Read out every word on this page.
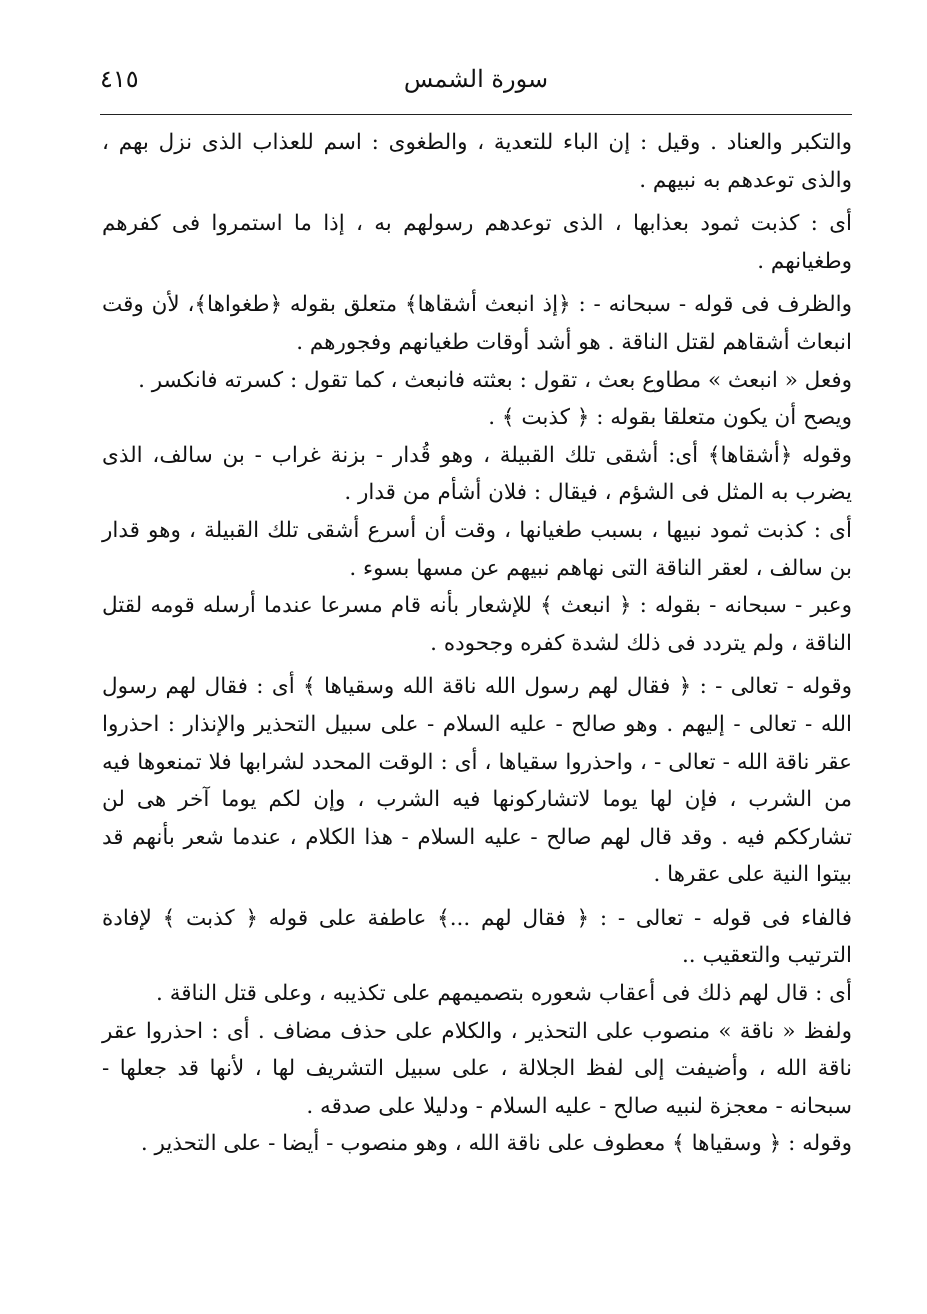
٤١٥	سورة الشمس

والتكبر والعناد . وقيل : إن الباء للتعدية ، والطغوى : اسم للعذاب الذى نزل بهم ، والذى توعدهم به نبيهم .

أى : كذبت ثمود بعذابها ، الذى توعدهم رسولهم به ، إذا ما استمروا فى كفرهم وطغيانهم .

والظرف فى قوله - سبحانه - : ﴿إذ انبعث أشقاها﴾ متعلق بقوله ﴿طغواها﴾، لأن وقت انبعاث أشقاهم لقتل الناقة . هو أشد أوقات طغيانهم وفجورهم .

وفعل « انبعث » مطاوع بعث ، تقول : بعثته فانبعث ، كما تقول : كسرته فانكسر .

ويصح أن يكون متعلقا بقوله : ﴿ كذبت ﴾ .

وقوله ﴿أشقاها﴾ أى: أشقى تلك القبيلة ، وهو قُدار - بزنة غراب - بن سالف، الذى يضرب به المثل فى الشؤم ، فيقال : فلان أشأم من قدار .

أى : كذبت ثمود نبيها ، بسبب طغيانها ، وقت أن أسرع أشقى تلك القبيلة ، وهو قدار بن سالف ، لعقر الناقة التى نهاهم نبيهم عن مسها بسوء .

وعبر - سبحانه - بقوله : ﴿ انبعث ﴾ للإشعار بأنه قام مسرعا عندما أرسله قومه لقتل الناقة ، ولم يتردد فى ذلك لشدة كفره وجحوده .

وقوله - تعالى - : ﴿ فقال لهم رسول الله ناقة الله وسقياها ﴾ أى : فقال لهم رسول الله - تعالى - إليهم . وهو صالح - عليه السلام - على سبيل التحذير والإنذار : احذروا عقر ناقة الله - تعالى - ، واحذروا سقياها ، أى : الوقت المحدد لشرابها فلا تمنعوها فيه من الشرب ، فإن لها يوما لاتشاركونها فيه الشرب ، وإن لكم يوما آخر هى لن تشارككم فيه . وقد قال لهم صالح - عليه السلام - هذا الكلام ، عندما شعر بأنهم قد بيتوا النية على عقرها .

فالفاء فى قوله - تعالى - : ﴿ فقال لهم ...﴾ عاطفة على قوله ﴿ كذبت ﴾ لإفادة الترتيب والتعقيب ..

أى : قال لهم ذلك فى أعقاب شعوره بتصميمهم على تكذيبه ، وعلى قتل الناقة .

ولفظ « ناقة » منصوب على التحذير ، والكلام على حذف مضاف . أى : احذروا عقر ناقة الله ، وأضيفت إلى لفظ الجلالة ، على سبيل التشريف لها ، لأنها قد جعلها - سبحانه - معجزة لنبيه صالح - عليه السلام - ودليلا على صدقه .

وقوله : ﴿ وسقياها ﴾ معطوف على ناقة الله ، وهو منصوب - أيضا - على التحذير .
